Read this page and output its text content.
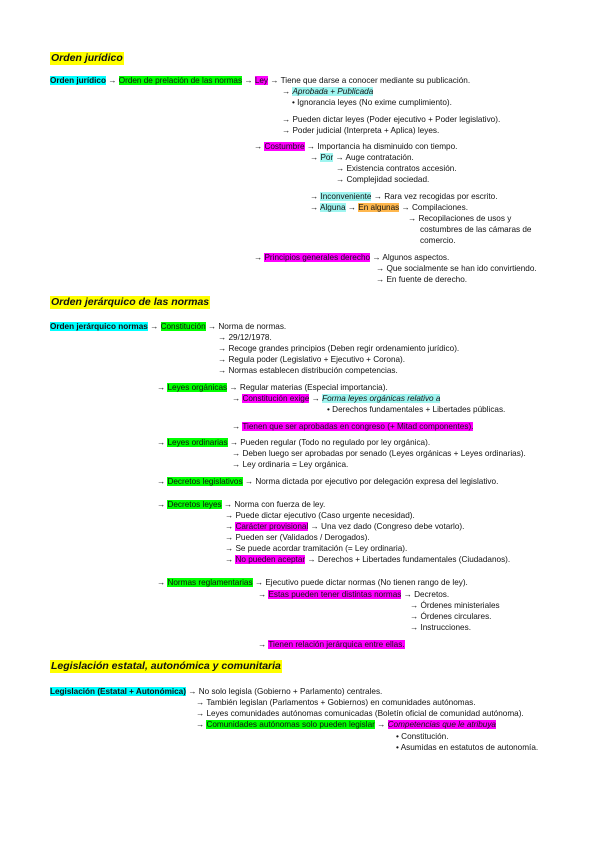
Orden jurídico
Orden jurídico → Orden de prelación de las normas → Ley → Tiene que darse a conocer mediante su publicación.
→ Aprobada + Publicada
• Ignorancia leyes (No exime cumplimiento).
→ Pueden dictar leyes (Poder ejecutivo + Poder legislativo).
→ Poder judicial (Interpreta + Aplica) leyes.
→ Costumbre → Importancia ha disminuido con tiempo.
→ Por → Auge contratación.
→ Existencia contratos accesión.
→ Complejidad sociedad.
→ Inconveniente → Rara vez recogidas por escrito.
→ Alguna → En algunas → Compilaciones.
→ Recopilaciones de usos y
costumbres de las cámaras de
comercio.
→ Principios generales derecho → Algunos aspectos.
→ Que socialmente se han ido convirtiendo.
→ En fuente de derecho.
Orden jerárquico de las normas
Orden jerárquico normas → Constitución → Norma de normas.
→ 29/12/1978.
→ Recoge grandes principios (Deben regir ordenamiento jurídico).
→ Regula poder (Legislativo + Ejecutivo + Corona).
→ Normas establecen distribución competencias.
→ Leyes orgánicas → Regular materias (Especial importancia).
→ Constitución exige → Forma leyes orgánicas relativo a
• Derechos fundamentales + Libertades públicas.
→ Tienen que ser aprobadas en congreso (+ Mitad componentes).
→ Leyes ordinarias → Pueden regular (Todo no regulado por ley orgánica).
→ Deben luego ser aprobadas por senado (Leyes orgánicas + Leyes ordinarias).
→ Ley ordinaria = Ley orgánica.
→ Decretos legislativos → Norma dictada por ejecutivo por delegación expresa del legislativo.
→ Decretos leyes → Norma con fuerza de ley.
→ Puede dictar ejecutivo (Caso urgente necesidad).
→ Carácter provisional → Una vez dado (Congreso debe votarlo).
→ Pueden ser (Validados / Derogados).
→ Se puede acordar tramitación (= Ley ordinaria).
→ No pueden aceptar → Derechos + Libertades fundamentales (Ciudadanos).
→ Normas reglamentarias → Ejecutivo puede dictar normas (No tienen rango de ley).
→ Estas pueden tener distintas normas → Decretos.
→ Órdenes ministeriales
→ Órdenes circulares.
→ Instrucciones.
→ Tienen relación jerárquica entre ellas.
Legislación estatal, autonómica y comunitaria
Legislación (Estatal + Autonómica) → No solo legisla (Gobierno + Parlamento) centrales.
→ También legislan (Parlamentos + Gobiernos) en comunidades autónomas.
→ Leyes comunidades autónomas comunicadas (Boletín oficial de comunidad autónoma).
→ Comunidades autónomas solo pueden legislar → Competencias que le atribuya
• Constitución.
• Asumidas en estatutos de autonomía.
